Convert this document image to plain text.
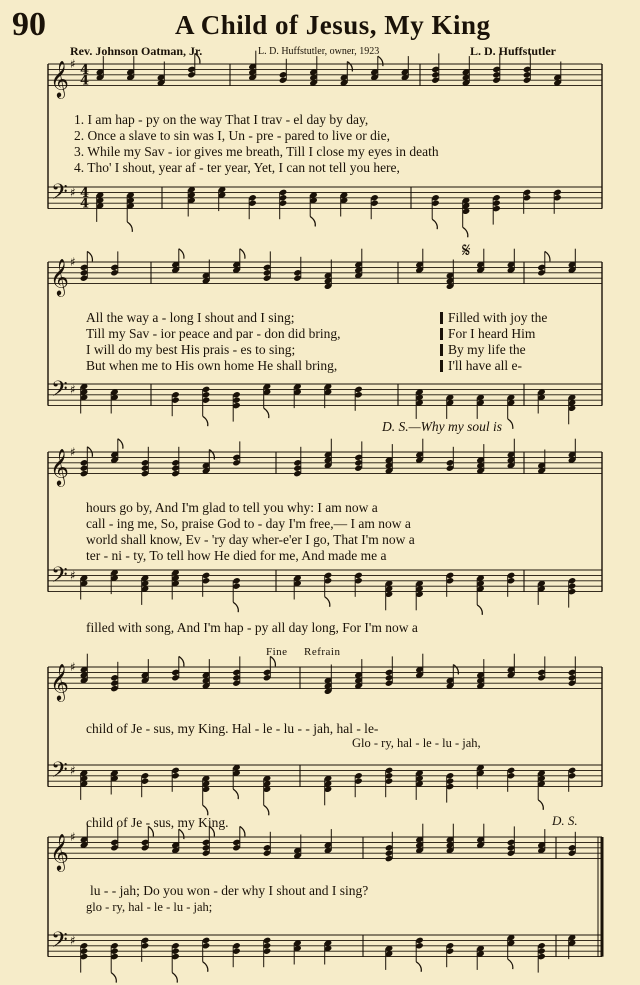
90	A Child of Jesus, My King
Rev. Johnson Oatman, Jr.	L. D. Huffstutler, owner, 1923	L. D. Huffstutler
𝄞 ♯ 4
4
𝄢 ♯ 4
4
𝄞 ♯
𝄢 ♯
𝄞 ♯
𝄢 ♯
𝄞 ♯
𝄢 ♯
𝄞 ♯
𝄢 ♯
𝄋
1. I am hap - py on the way That I trav - el day by day,
2. Once a slave to sin was I, Un - pre - pared to live or die,
3. While my Sav - ior gives me breath, Till I close my eyes in death
4. Tho' I shout, year af - ter year, Yet, I can not tell you here,
All the way a - long I shout and I sing;
Till my Sav - ior peace and par - don did bring,
I will do my best His prais - es to sing;
But when me to His own home He shall bring,
Filled with joy the
For I heard Him
By my life the
I'll have all e-
D. S.—Why my soul is
hours go by, And I'm glad to tell you why: I am now a
call - ing me, So, praise God to - day I'm free,— I am now a
world shall know, Ev - 'ry day wher-e'er I go, That I'm now a
ter - ni - ty, To tell how He died for me, And made me a
filled with song, And I'm hap - py all day long, For I'm now a
Fine Refrain
child of Je - sus, my King. Hal - le - lu - - jah, hal - le-
Glo - ry, hal - le - lu - jah,
child of Je - sus, my King.	D. S.
lu - - jah; Do you won - der why I shout and I sing?
glo - ry, hal - le - lu - jah;
